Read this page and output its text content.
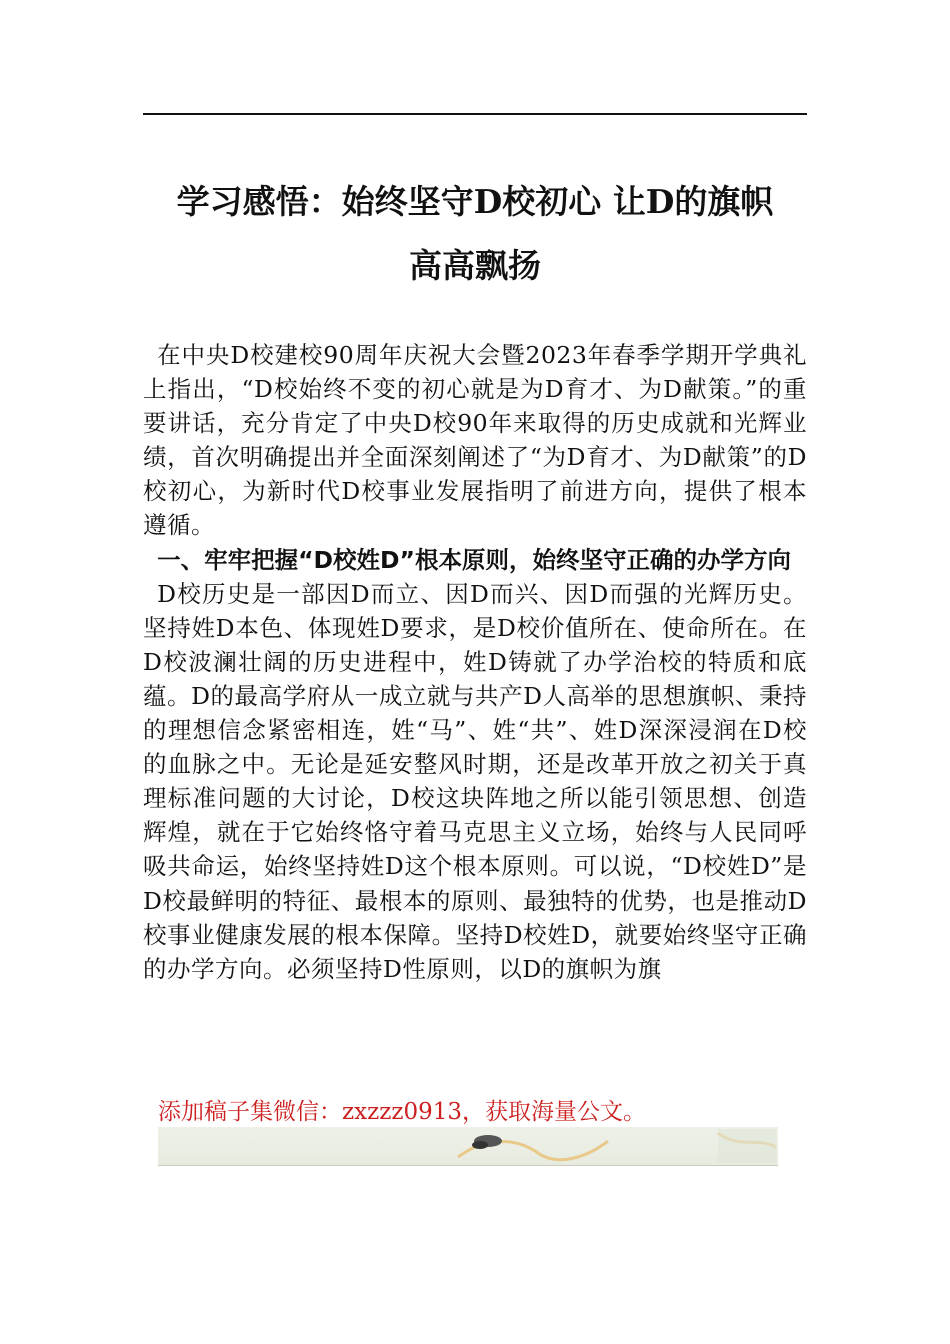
学习感悟：始终坚守D校初心 让D的旗帜
高高飘扬

在中央D校建校90周年庆祝大会暨2023年春季学期开学典礼上指出，“D校始终不变的初心就是为D育才、为D献策。”的重要讲话，充分肯定了中央D校90年来取得的历史成就和光辉业绩，首次明确提出并全面深刻阐述了“为D育才、为D献策”的D校初心，为新时代D校事业发展指明了前进方向，提供了根本遵循。

一、牢牢把握“D校姓D”根本原则，始终坚守正确的办学方向

D校历史是一部因D而立、因D而兴、因D而强的光辉历史。坚持姓D本色、体现姓D要求，是D校价值所在、使命所在。在D校波澜壮阔的历史进程中，姓D铸就了办学治校的特质和底蕴。D的最高学府从一成立就与共产D人高举的思想旗帜、秉持的理想信念紧密相连，姓“马”、姓“共”、姓D深深浸润在D校的血脉之中。无论是延安整风时期，还是改革开放之初关于真理标准问题的大讨论，D校这块阵地之所以能引领思想、创造辉煌，就在于它始终恪守着马克思主义立场，始终与人民同呼吸共命运，始终坚持姓D这个根本原则。可以说，“D校姓D”是D校最鲜明的特征、最根本的原则、最独特的优势，也是推动D校事业健康发展的根本保障。坚持D校姓D，就要始终坚守正确的办学方向。必须坚持D性原则，以D的旗帜为旗

添加稿子集微信：zxzzz0913，获取海量公文。
